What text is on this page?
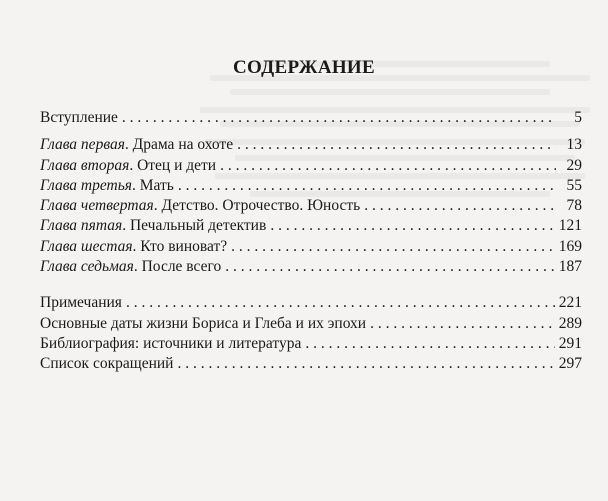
СОДЕРЖАНИЕ
Вступление . . .	5
Глава первая. Драма на охоте . . .	13
Глава вторая. Отец и дети . . .	29
Глава третья. Мать . . .	55
Глава четвертая. Детство. Отрочество. Юность . . .	78
Глава пятая. Печальный детектив . . .	121
Глава шестая. Кто виноват? . . .	169
Глава седьмая. После всего . . .	187
Примечания . . .	221
Основные даты жизни Бориса и Глеба и их эпохи . . .	289
Библиография: источники и литература . . .	291
Список сокращений . . .	297
